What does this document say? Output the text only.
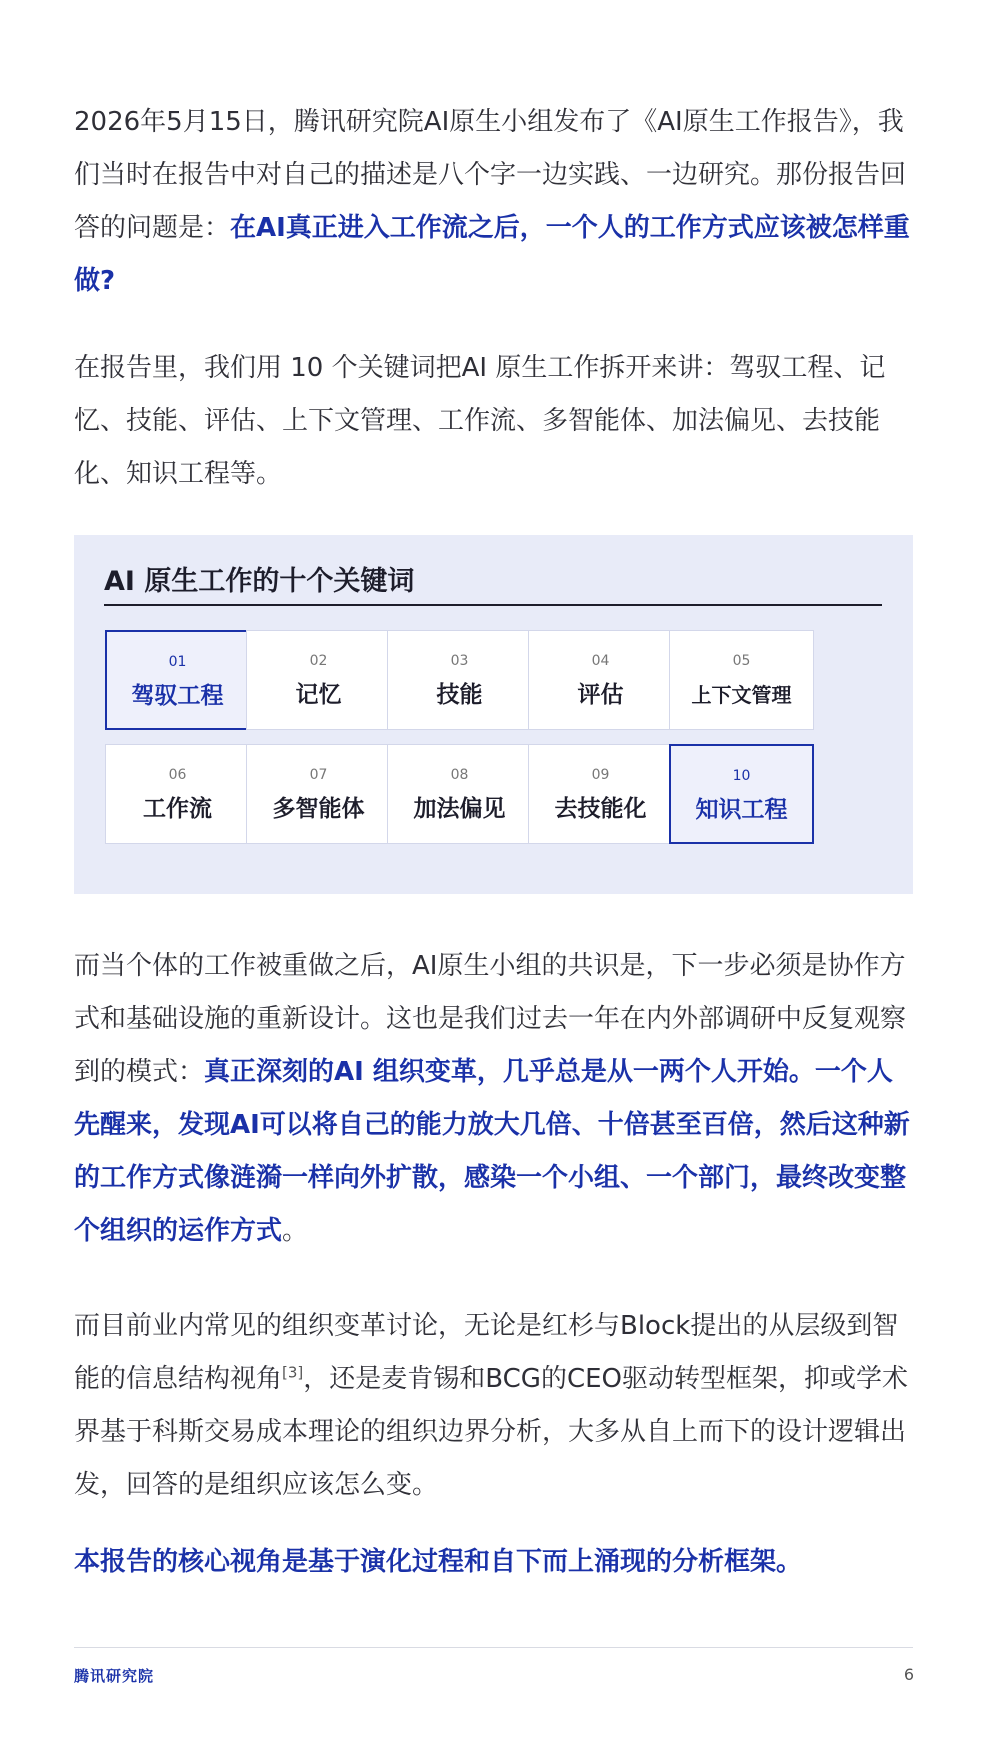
2026年5月15日，腾讯研究院AI原生小组发布了《AI原生工作报告》，我们当时在报告中对自己的描述是八个字一边实践、一边研究。那份报告回答的问题是：在AI真正进入工作流之后，一个人的工作方式应该被怎样重做?

在报告里，我们用 10 个关键词把AI 原生工作拆开来讲：驾驭工程、记忆、技能、评估、上下文管理、工作流、多智能体、加法偏见、去技能化、知识工程等。

AI 原生工作的十个关键词
01
驾驭工程
02
记忆
03
技能
04
评估
05
上下文管理
06
工作流
07
多智能体
08
加法偏见
09
去技能化
10
知识工程

而当个体的工作被重做之后，AI原生小组的共识是，下一步必须是协作方式和基础设施的重新设计。这也是我们过去一年在内外部调研中反复观察到的模式：真正深刻的AI 组织变革，几乎总是从一两个人开始。一个人先醒来，发现AI可以将自己的能力放大几倍、十倍甚至百倍，然后这种新的工作方式像涟漪一样向外扩散，感染一个小组、一个部门，最终改变整个组织的运作方式。

而目前业内常见的组织变革讨论，无论是红杉与Block提出的从层级到智能的信息结构视角[3]，还是麦肯锡和BCG的CEO驱动转型框架，抑或学术界基于科斯交易成本理论的组织边界分析，大多从自上而下的设计逻辑出发，回答的是组织应该怎么变。

本报告的核心视角是基于演化过程和自下而上涌现的分析框架。

腾讯研究院	6
